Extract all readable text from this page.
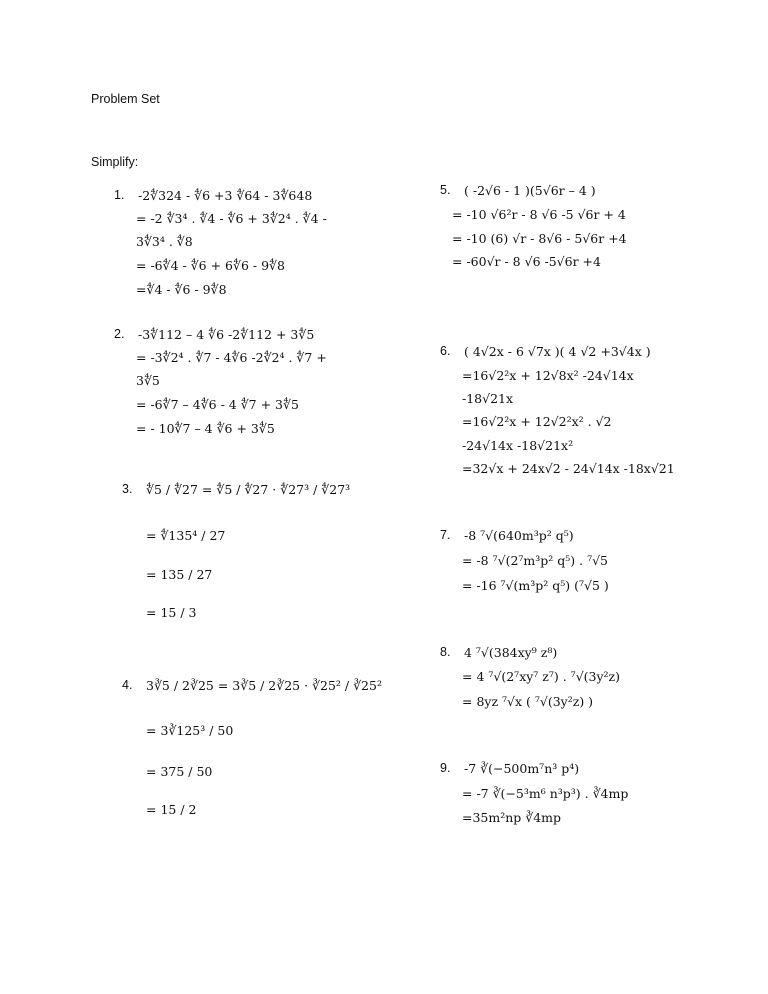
Problem Set
Simplify:
1. -2∜324 - ∜6 +3 ∜64 - 3∜648
= -2 ∜3⁴ . ∜4 - ∜6 + 3∜2⁴ . ∜4 -
3∜3⁴ . ∜8
= -6∜4 - ∜6 + 6∜6 - 9∜8
=∜4 - ∜6 - 9∜8
2. -3∜112 – 4 ∜6 -2∜112 + 3∜5
= -3∜2⁴ . ∜7 - 4∜6 -2∜2⁴ . ∜7 +
3∜5
= -6∜7 – 4∜6 - 4 ∜7 + 3∜5
= - 10∜7 – 4 ∜6 + 3∜5
3. ∜5 / ∜27 = ∜5 / ∜27 · ∜27³ / ∜27³
= ∜135⁴ / 27
= 135 / 27
= 15 / 3
4. 3∛5 / 2∛25 = 3∛5 / 2∛25 · ∛25² / ∛25²
= 3∛125³ / 50
= 375 / 50
= 15 / 2
5. ( -2√6 - 1 )(5√6r – 4 )
= -10 √6²r - 8 √6 -5 √6r + 4
= -10 (6) √r - 8√6 - 5√6r +4
= -60√r - 8 √6 -5√6r +4
6. ( 4√2x - 6 √7x )( 4 √2 +3√4x )
=16√2²x + 12√8x² -24√14x
-18√21x
=16√2²x + 12√2²x² . √2
-24√14x -18√21x²
=32√x + 24x√2 - 24√14x -18x√21
7. -8 ⁷√(640m³p² q⁵)
= -8 ⁷√(2⁷m³p² q⁵) . ⁷√5
= -16 ⁷√(m³p² q⁵) (⁷√5 )
8. 4 ⁷√(384xy⁹ z⁸)
= 4 ⁷√(2⁷xy⁷ z⁷) . ⁷√(3y²z)
= 8yz ⁷√x ( ⁷√(3y²z) )
9. -7 ∛(−500m⁷n³ p⁴)
= -7 ∛(−5³m⁶ n³p³) . ∛4mp
=35m²np ∛4mp
